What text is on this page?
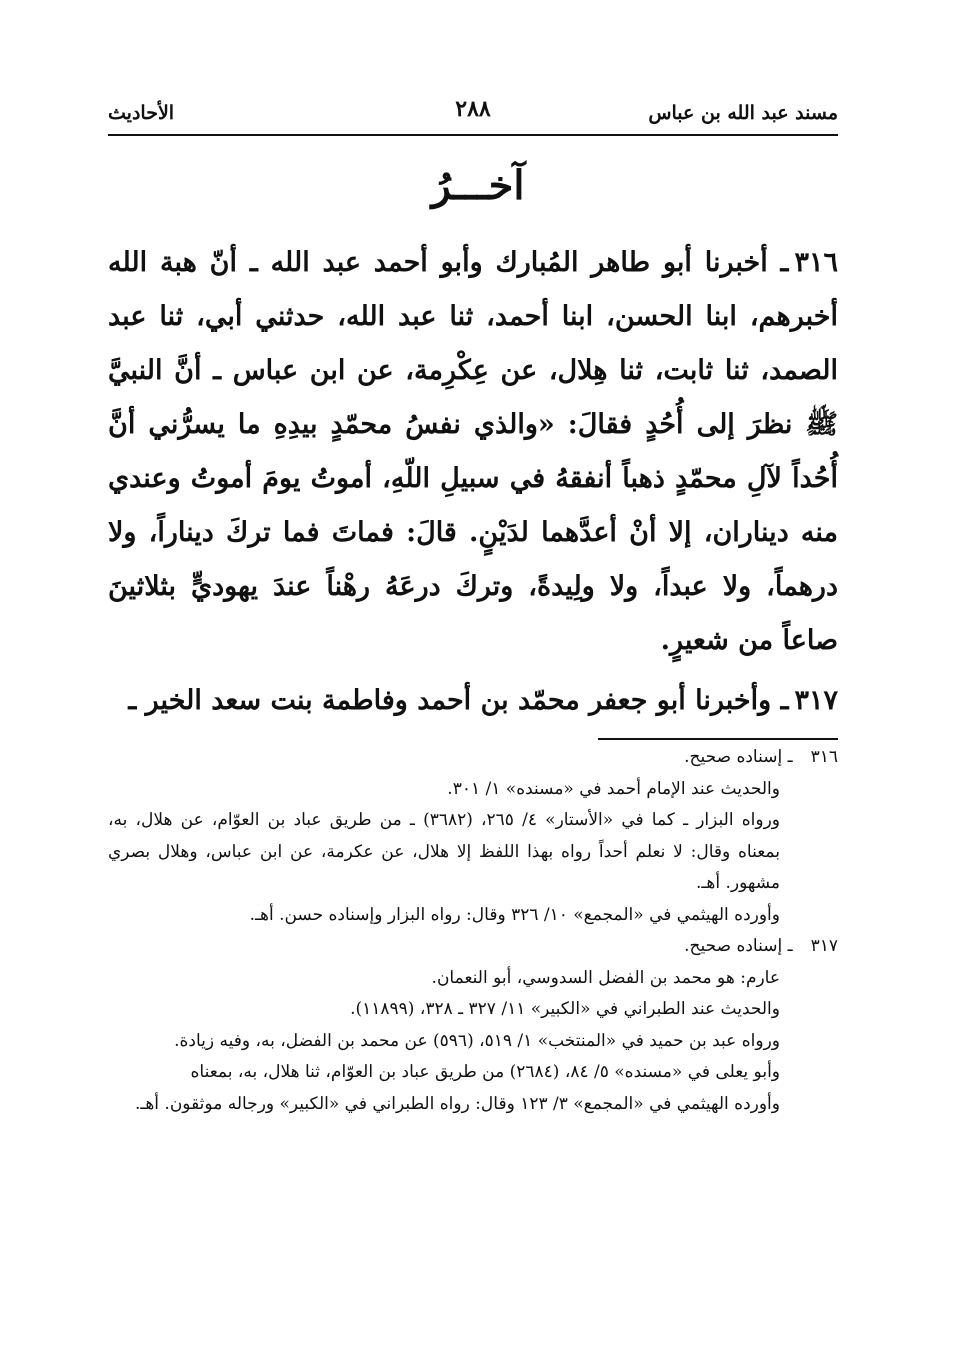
مسند عبد الله بن عباس
٢٨٨
الأحاديث
آخـــرُ

٣١٦ـ أخبرنا أبو طاهر المُبارك وأبو أحمد عبد الله ـ أنّ هبة الله أخبرهم، ابنا الحسن، ابنا أحمد، ثنا عبد الله، حدثني أبي، ثنا عبد الصمد، ثنا ثابت، ثنا هِلال، عن عِكْرِمة، عن ابن عباس ـ أنَّ النبيَّ ﷺ نظرَ إلى أُحُدٍ فقالَ: «والذي نفسُ محمّدٍ بيدِهِ ما يسرُّني أنَّ أُحُداً لآلِ محمّدٍ ذهباً أنفقهُ في سبيلِ اللّهِ، أموتُ يومَ أموتُ وعندي منه ديناران، إلا أنْ أعدَّهما لدَيْنٍ. قالَ: فماتَ فما تركَ ديناراً، ولا درهماً، ولا عبداً، ولا ولِيدةً، وتركَ درعَهُ رهْناً عندَ يهوديٍّ بثلاثينَ صاعاً من شعيرٍ.

٣١٧ـ وأخبرنا أبو جعفر محمّد بن أحمد وفاطمة بنت سعد الخير ـ

٣١٦ ـ إسناده صحيح.

والحديث عند الإمام أحمد في «مسنده» ١/ ٣٠١.

ورواه البزار ـ كما في «الأستار» ٤/ ٢٦٥، (٣٦٨٢) ـ من طريق عباد بن العوّام، عن هلال، به، بمعناه وقال: لا نعلم أحداً رواه بهذا اللفظ إلا هلال، عن عكرمة، عن ابن عباس، وهلال بصري مشهور. أهـ.

وأورده الهيثمي في «المجمع» ١٠/ ٣٢٦ وقال: رواه البزار وإسناده حسن. أهـ.

٣١٧ ـ إسناده صحيح.

عارم: هو محمد بن الفضل السدوسي، أبو النعمان.

والحديث عند الطبراني في «الكبير» ١١/ ٣٢٧ ـ ٣٢٨، (١١٨٩٩).

ورواه عبد بن حميد في «المنتخب» ١/ ٥١٩، (٥٩٦) عن محمد بن الفضل، به، وفيه زيادة.

وأبو يعلى في «مسنده» ٥/ ٨٤، (٢٦٨٤) من طريق عباد بن العوّام، ثنا هلال، به، بمعناه

وأورده الهيثمي في «المجمع» ٣/ ١٢٣ وقال: رواه الطبراني في «الكبير» ورجاله موثقون. أهـ.
